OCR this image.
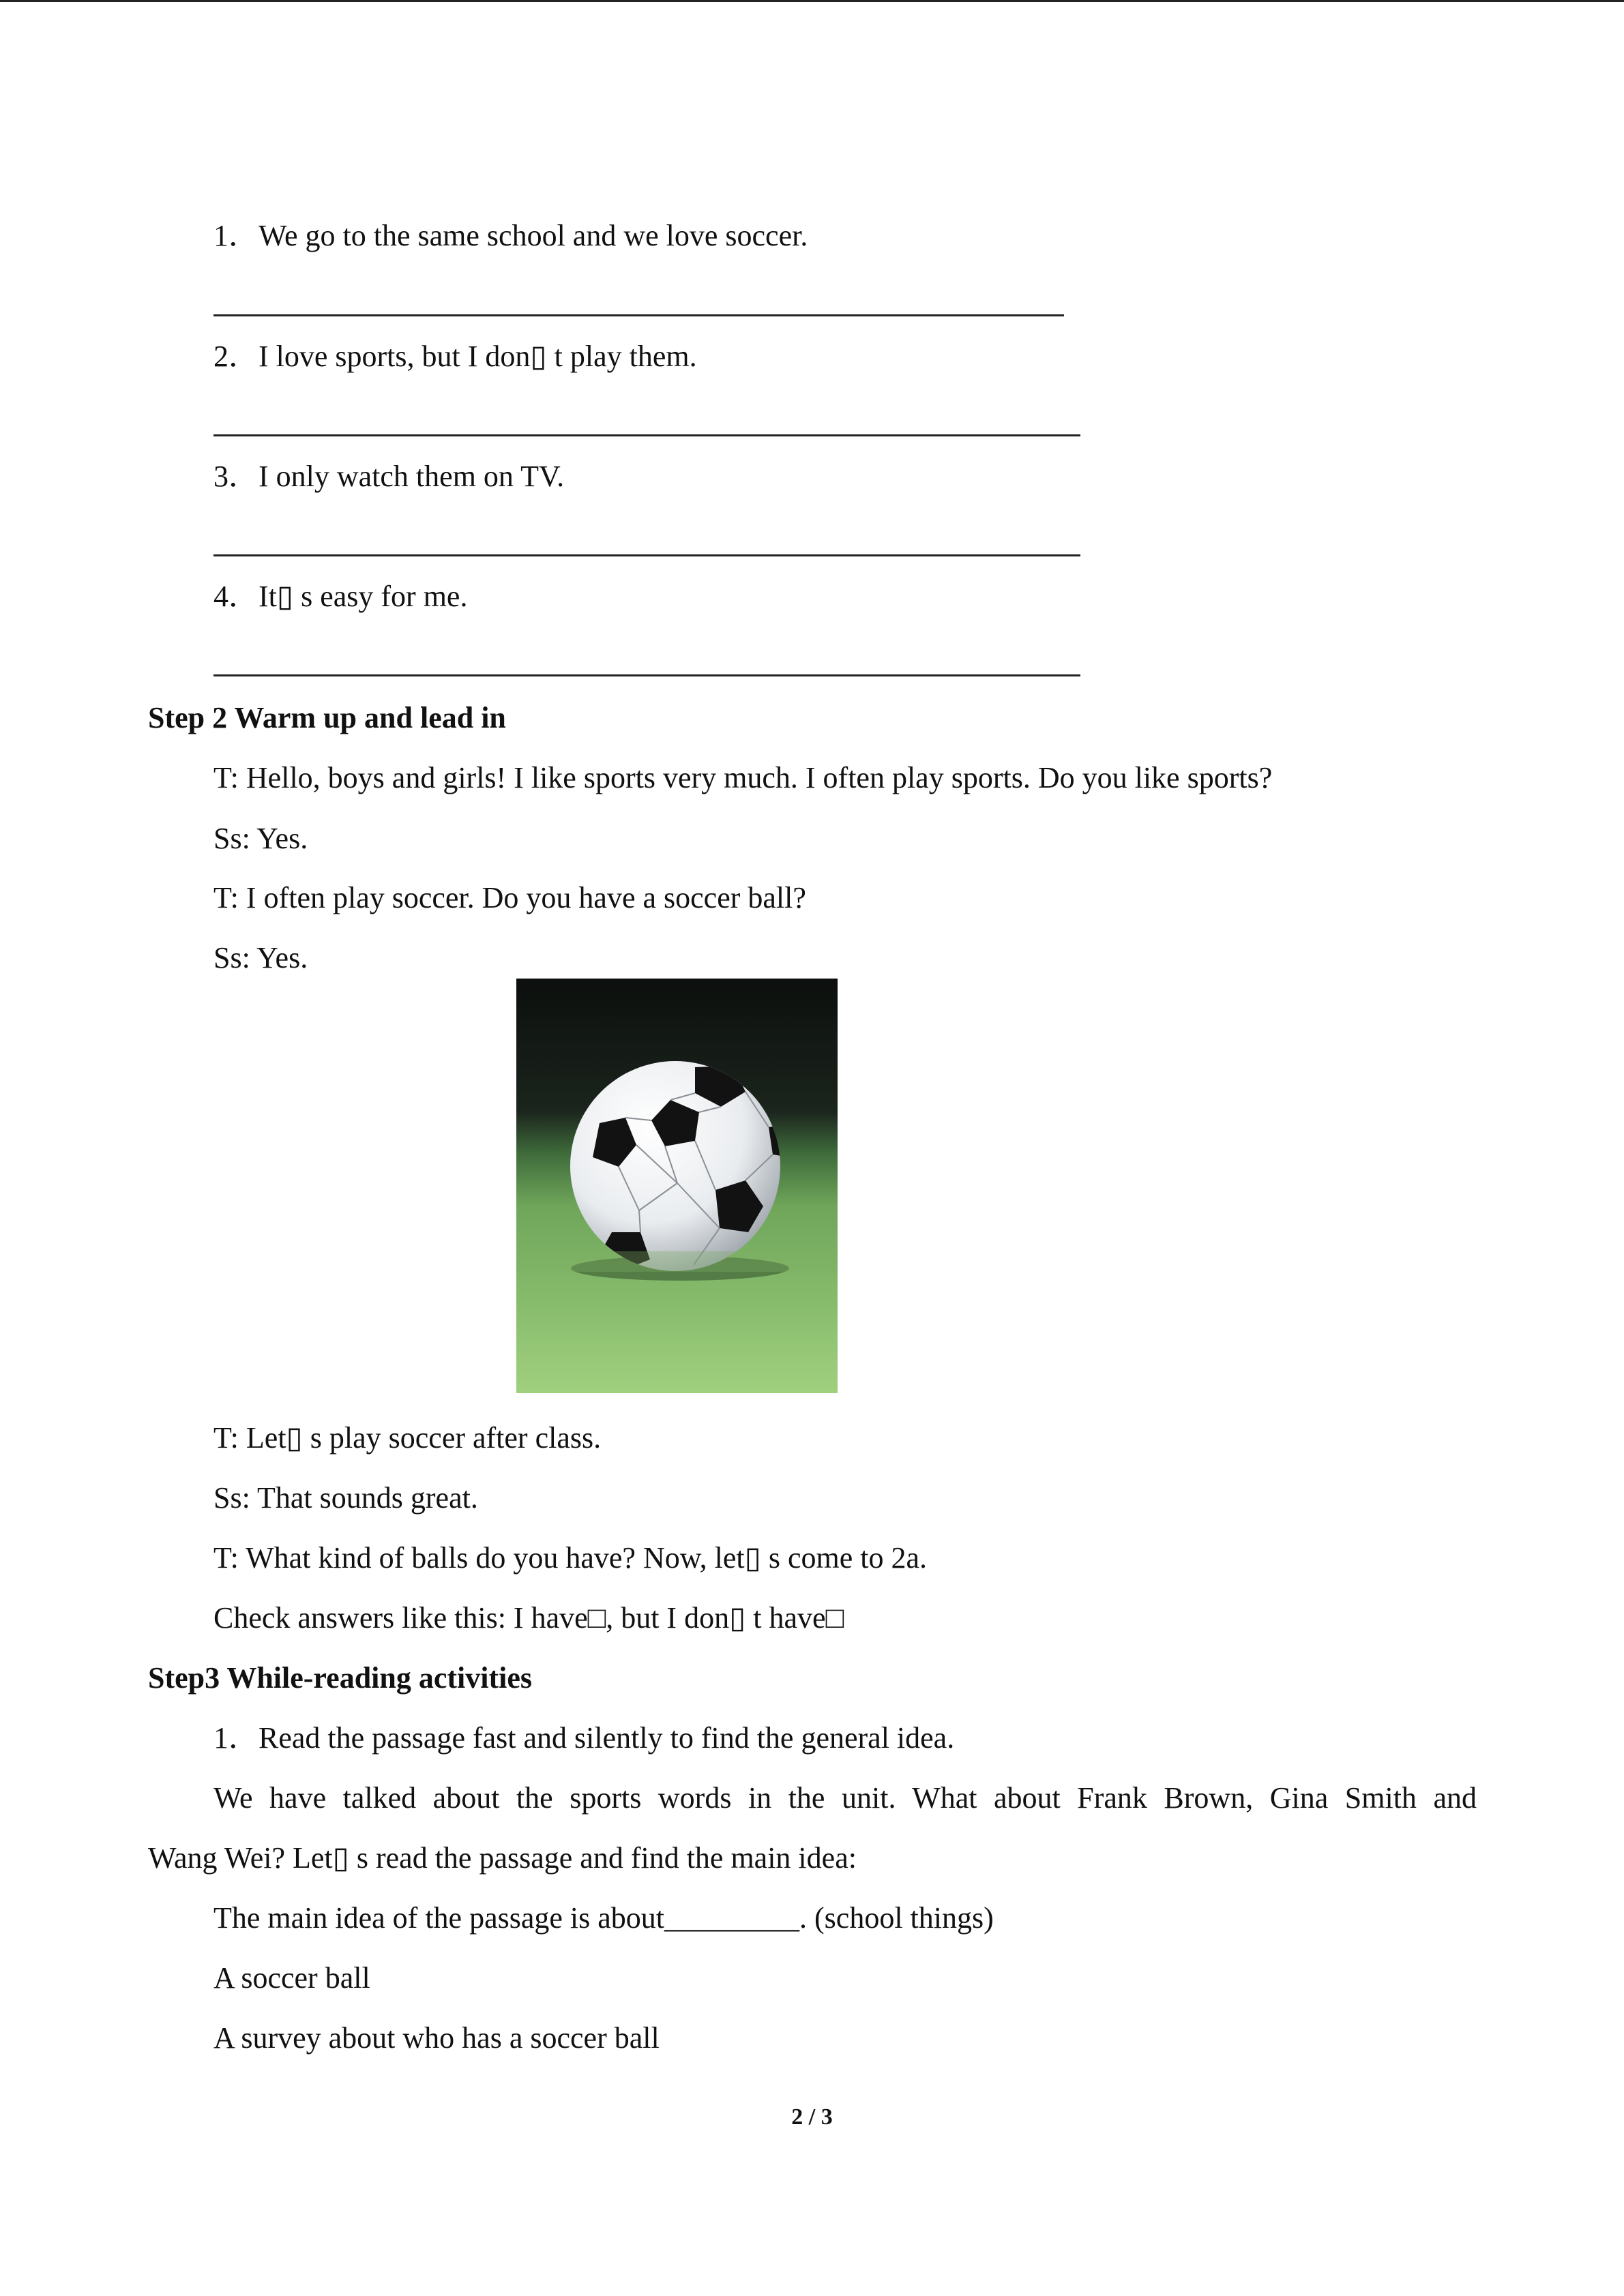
1．We go to the same school and we love soccer.

2．I love sports, but I don▯ t play them.

3．I only watch them on TV.

4．It▯ s easy for me.

Step 2 Warm up and lead in

T: Hello, boys and girls! I like sports very much. I often play sports. Do you like sports?

Ss: Yes.

T: I often play soccer. Do you have a soccer ball?

Ss: Yes.

T: Let▯ s play soccer after class.

Ss: That sounds great.

T: What kind of balls do you have? Now, let▯ s come to 2a.

Check answers like this: I have□, but I don▯ t have□

Step3 While-reading activities

1．Read the passage fast and silently to find the general idea.

We have talked about the sports words in the unit. What about Frank Brown, Gina Smith and

Wang Wei? Let▯ s read the passage and find the main idea:

The main idea of the passage is about_________. (school things)

A soccer ball

A survey about who has a soccer ball

2 / 3
